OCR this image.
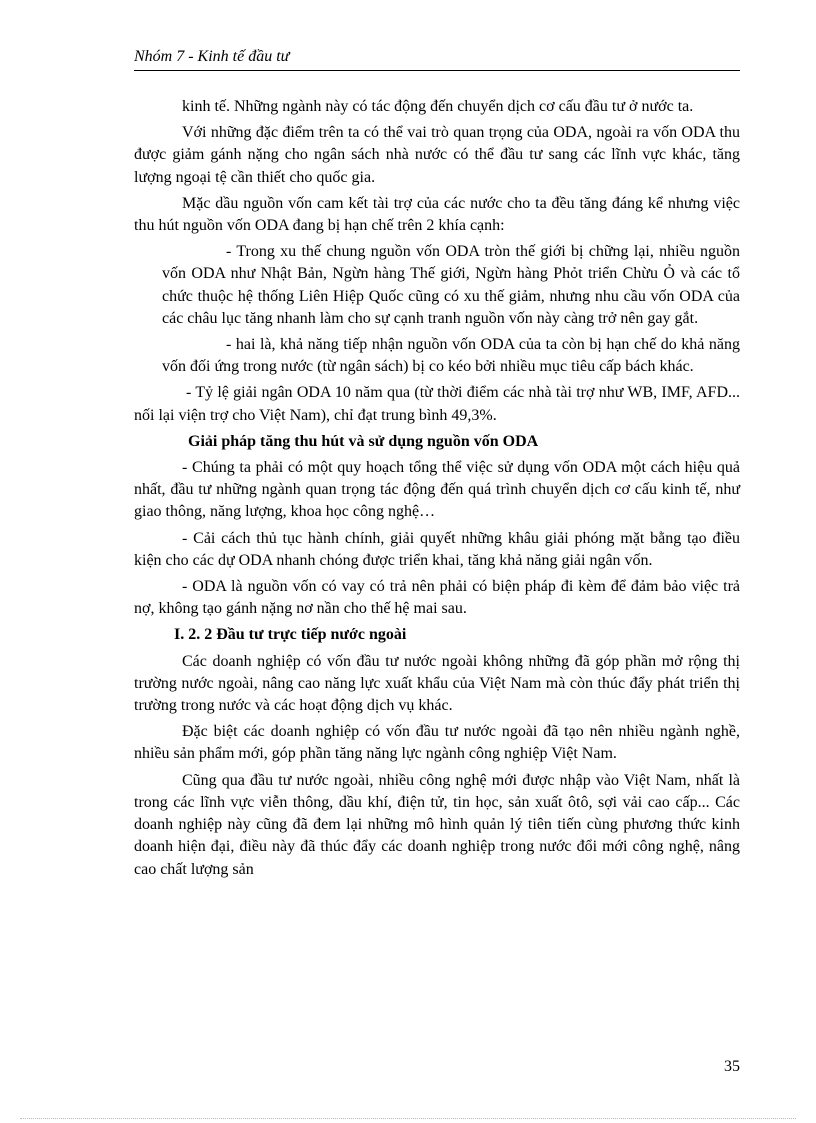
Nhóm 7 - Kinh tế đầu tư

kinh tế. Những ngành này có tác động đến chuyển dịch cơ cấu đầu tư ở nước ta.

Với những đặc điểm trên ta có thể vai trò quan trọng của ODA, ngoài ra vốn ODA thu được giảm gánh nặng cho ngân sách nhà nước có thể đầu tư sang các lĩnh vực khác, tăng lượng ngoại tệ cần thiết cho quốc gia.

Mặc dầu nguồn vốn cam kết tài trợ của các nước cho ta đều tăng đáng kể nhưng việc thu hút nguồn vốn ODA đang bị hạn chế trên 2 khía cạnh:

- Trong xu thế chung nguồn vốn ODA tròn thế giới bị chững lại, nhiều nguồn vốn ODA như Nhật Bản, Ngừn hàng Thế giới, Ngừn hàng Phỏt triển Chừu Ỏ và các tổ chức thuộc hệ thống Liên Hiệp Quốc cũng có xu thế giảm, nhưng nhu cầu vốn ODA của các châu lục tăng nhanh làm cho sự cạnh tranh nguồn vốn này càng trở nên gay gắt.

- hai là, khả năng tiếp nhận nguồn vốn ODA của ta còn bị hạn chế do khả năng vốn đối ứng trong nước (từ ngân sách) bị co kéo bởi nhiều mục tiêu cấp bách khác.

- Tỷ lệ giải ngân ODA 10 năm qua (từ thời điểm các nhà tài trợ như WB, IMF, AFD... nối lại viện trợ cho Việt Nam), chỉ đạt trung bình 49,3%.

Giải pháp tăng thu hút và sử dụng nguồn vốn ODA

- Chúng ta phải có một quy hoạch tổng thể việc sử dụng vốn ODA một cách hiệu quả nhất, đầu tư những ngành quan trọng tác động đến quá trình chuyển dịch cơ cấu kinh tế, như giao thông, năng lượng, khoa học công nghệ…

- Cải cách thủ tục hành chính, giải quyết những khâu giải phóng mặt bằng tạo điều kiện cho các dự ODA nhanh chóng được triển khai, tăng khả năng giải ngân vốn.

- ODA là nguồn vốn có vay có trả nên phải có biện pháp đi kèm để đảm bảo việc trả nợ, không tạo gánh nặng nơ nần cho thế hệ mai sau.

I. 2. 2 Đầu tư trực tiếp nước ngoài

Các doanh nghiệp có vốn đầu tư nước ngoài không những đã góp phần mở rộng thị trường nước ngoài, nâng cao năng lực xuất khẩu của Việt Nam mà còn thúc đẩy phát triển thị trường trong nước và các hoạt động dịch vụ khác.

Đặc biệt các doanh nghiệp có vốn đầu tư nước ngoài đã tạo nên nhiều ngành nghề, nhiều sản phẩm mới, góp phần tăng năng lực ngành công nghiệp Việt Nam.

Cũng qua đầu tư nước ngoài, nhiều công nghệ mới được nhập vào Việt Nam, nhất là trong các lĩnh vực viễn thông, dầu khí, điện tử, tin học, sản xuất ôtô, sợi vải cao cấp... Các doanh nghiệp này cũng đã đem lại những mô hình quản lý tiên tiến cùng phương thức kinh doanh hiện đại, điều này đã thúc đẩy các doanh nghiệp trong nước đổi mới công nghệ, nâng cao chất lượng sản

35
